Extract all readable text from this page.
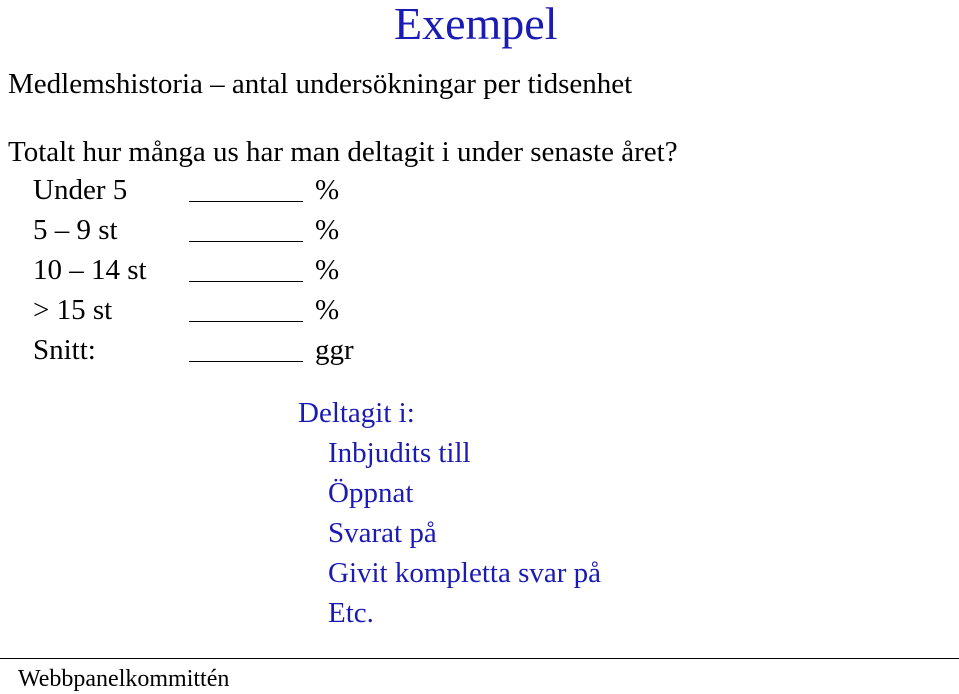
Exempel
Medlemshistoria – antal undersökningar per tidsenhet
Totalt hur många us har man deltagit i under senaste året?
Under 5	%
5 – 9 st	%
10 – 14 st	%
> 15 st	%
Snitt:	ggr
Deltagit i:
Inbjudits till
Öppnat
Svarat på
Givit kompletta svar på
Etc.
Webbpanelkommittén
